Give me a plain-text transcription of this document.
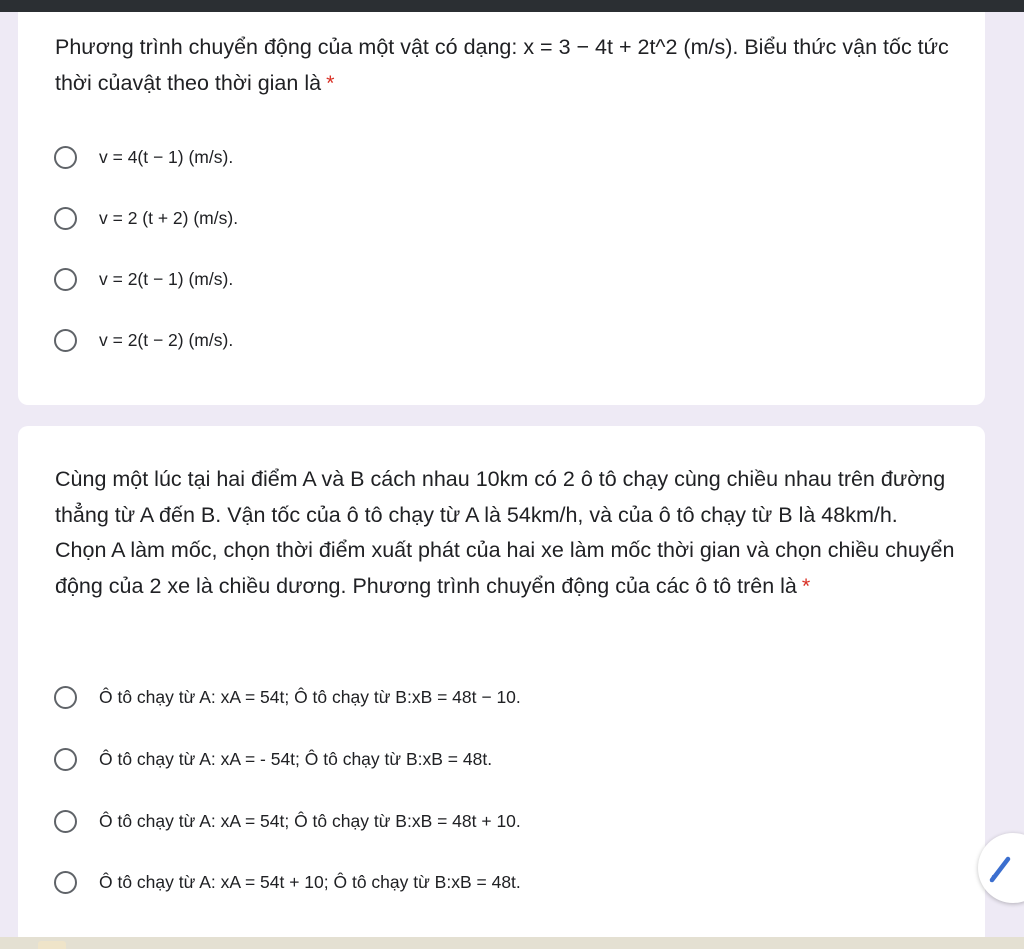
Phương trình chuyển động của một vật có dạng: x = 3 − 4t + 2t^2 (m/s). Biểu thức vận tốc tức thời củavật theo thời gian là *
v = 4(t − 1) (m/s).
v = 2 (t + 2) (m/s).
v = 2(t − 1) (m/s).
v = 2(t − 2) (m/s).
Cùng một lúc tại hai điểm A và B cách nhau 10km có 2 ô tô chạy cùng chiều nhau trên đường thẳng từ A đến B. Vận tốc của ô tô chạy từ A là 54km/h, và của ô tô chạy từ B là 48km/h. Chọn A làm mốc, chọn thời điểm xuất phát của hai xe làm mốc thời gian và chọn chiều chuyển động của 2 xe là chiều dương. Phương trình chuyển động của các ô tô trên là *
Ô tô chạy từ A: xA = 54t; Ô tô chạy từ B:xB = 48t − 10.
Ô tô chạy từ A: xA = - 54t; Ô tô chạy từ B:xB = 48t.
Ô tô chạy từ A: xA = 54t; Ô tô chạy từ B:xB = 48t + 10.
Ô tô chạy từ A: xA = 54t + 10; Ô tô chạy từ B:xB = 48t.
